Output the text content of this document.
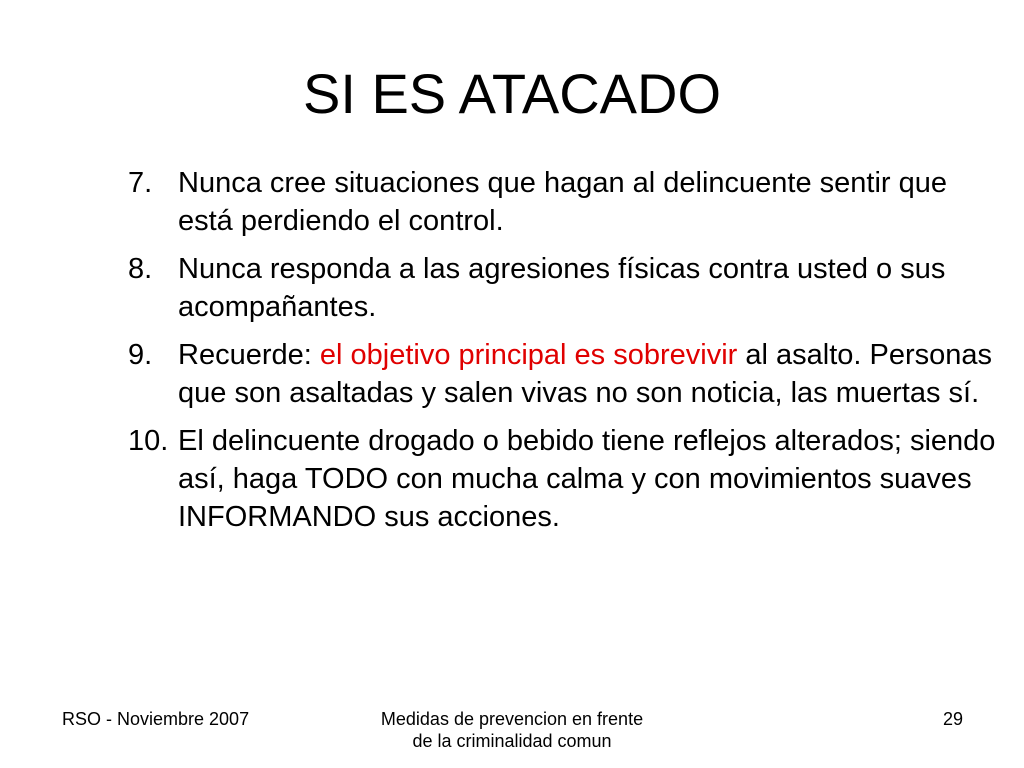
SI ES ATACADO
7. Nunca cree situaciones que hagan al delincuente sentir que está perdiendo el control.
8. Nunca responda a las agresiones físicas contra usted o sus acompañantes.
9. Recuerde: el objetivo principal es sobrevivir al asalto. Personas que son asaltadas y salen vivas no son noticia, las muertas sí.
10. El delincuente drogado o bebido tiene reflejos alterados; siendo así, haga TODO con mucha calma y con movimientos suaves INFORMANDO sus acciones.
RSO - Noviembre 2007	Medidas de prevencion en frente
de la criminalidad comun
29
